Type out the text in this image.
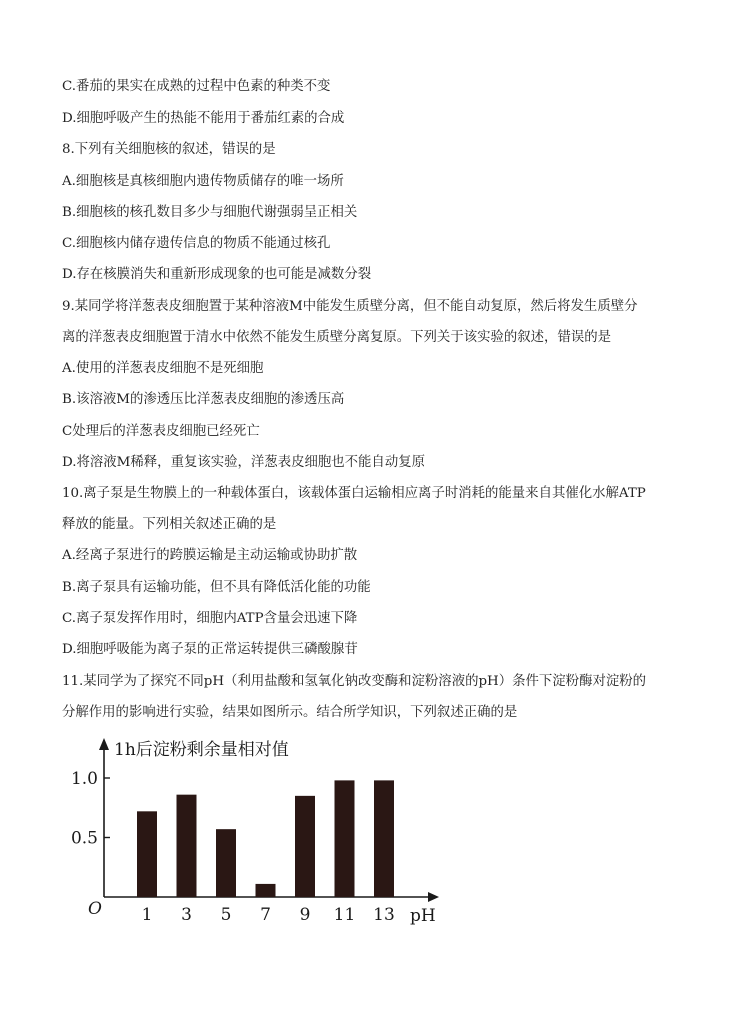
C.番茄的果实在成熟的过程中色素的种类不变
D.细胞呼吸产生的热能不能用于番茄红素的合成
8.下列有关细胞核的叙述，错误的是
A.细胞核是真核细胞内遗传物质储存的唯一场所
B.细胞核的核孔数目多少与细胞代谢强弱呈正相关
C.细胞核内储存遗传信息的物质不能通过核孔
D.存在核膜消失和重新形成现象的也可能是减数分裂
9.某同学将洋葱表皮细胞置于某种溶液M中能发生质壁分离，但不能自动复原，然后将发生质壁分
离的洋葱表皮细胞置于清水中依然不能发生质壁分离复原。下列关于该实验的叙述，错误的是
A.使用的洋葱表皮细胞不是死细胞
B.该溶液M的渗透压比洋葱表皮细胞的渗透压高
C处理后的洋葱表皮细胞已经死亡
D.将溶液M稀释，重复该实验，洋葱表皮细胞也不能自动复原
10.离子泵是生物膜上的一种载体蛋白，该载体蛋白运输相应离子时消耗的能量来自其催化水解ATP
释放的能量。下列相关叙述正确的是
A.经离子泵进行的跨膜运输是主动运输或协助扩散
B.离子泵具有运输功能，但不具有降低活化能的功能
C.离子泵发挥作用时，细胞内ATP含量会迅速下降
D.细胞呼吸能为离子泵的正常运转提供三磷酸腺苷
11.某同学为了探究不同pH（利用盐酸和氢氧化钠改变酶和淀粉溶液的pH）条件下淀粉酶对淀粉的
分解作用的影响进行实验，结果如图所示。结合所学知识，下列叙述正确的是
1h后淀粉剩余量相对值
O	pH
0.5
1.0
1 3 5 7 9 11 13
